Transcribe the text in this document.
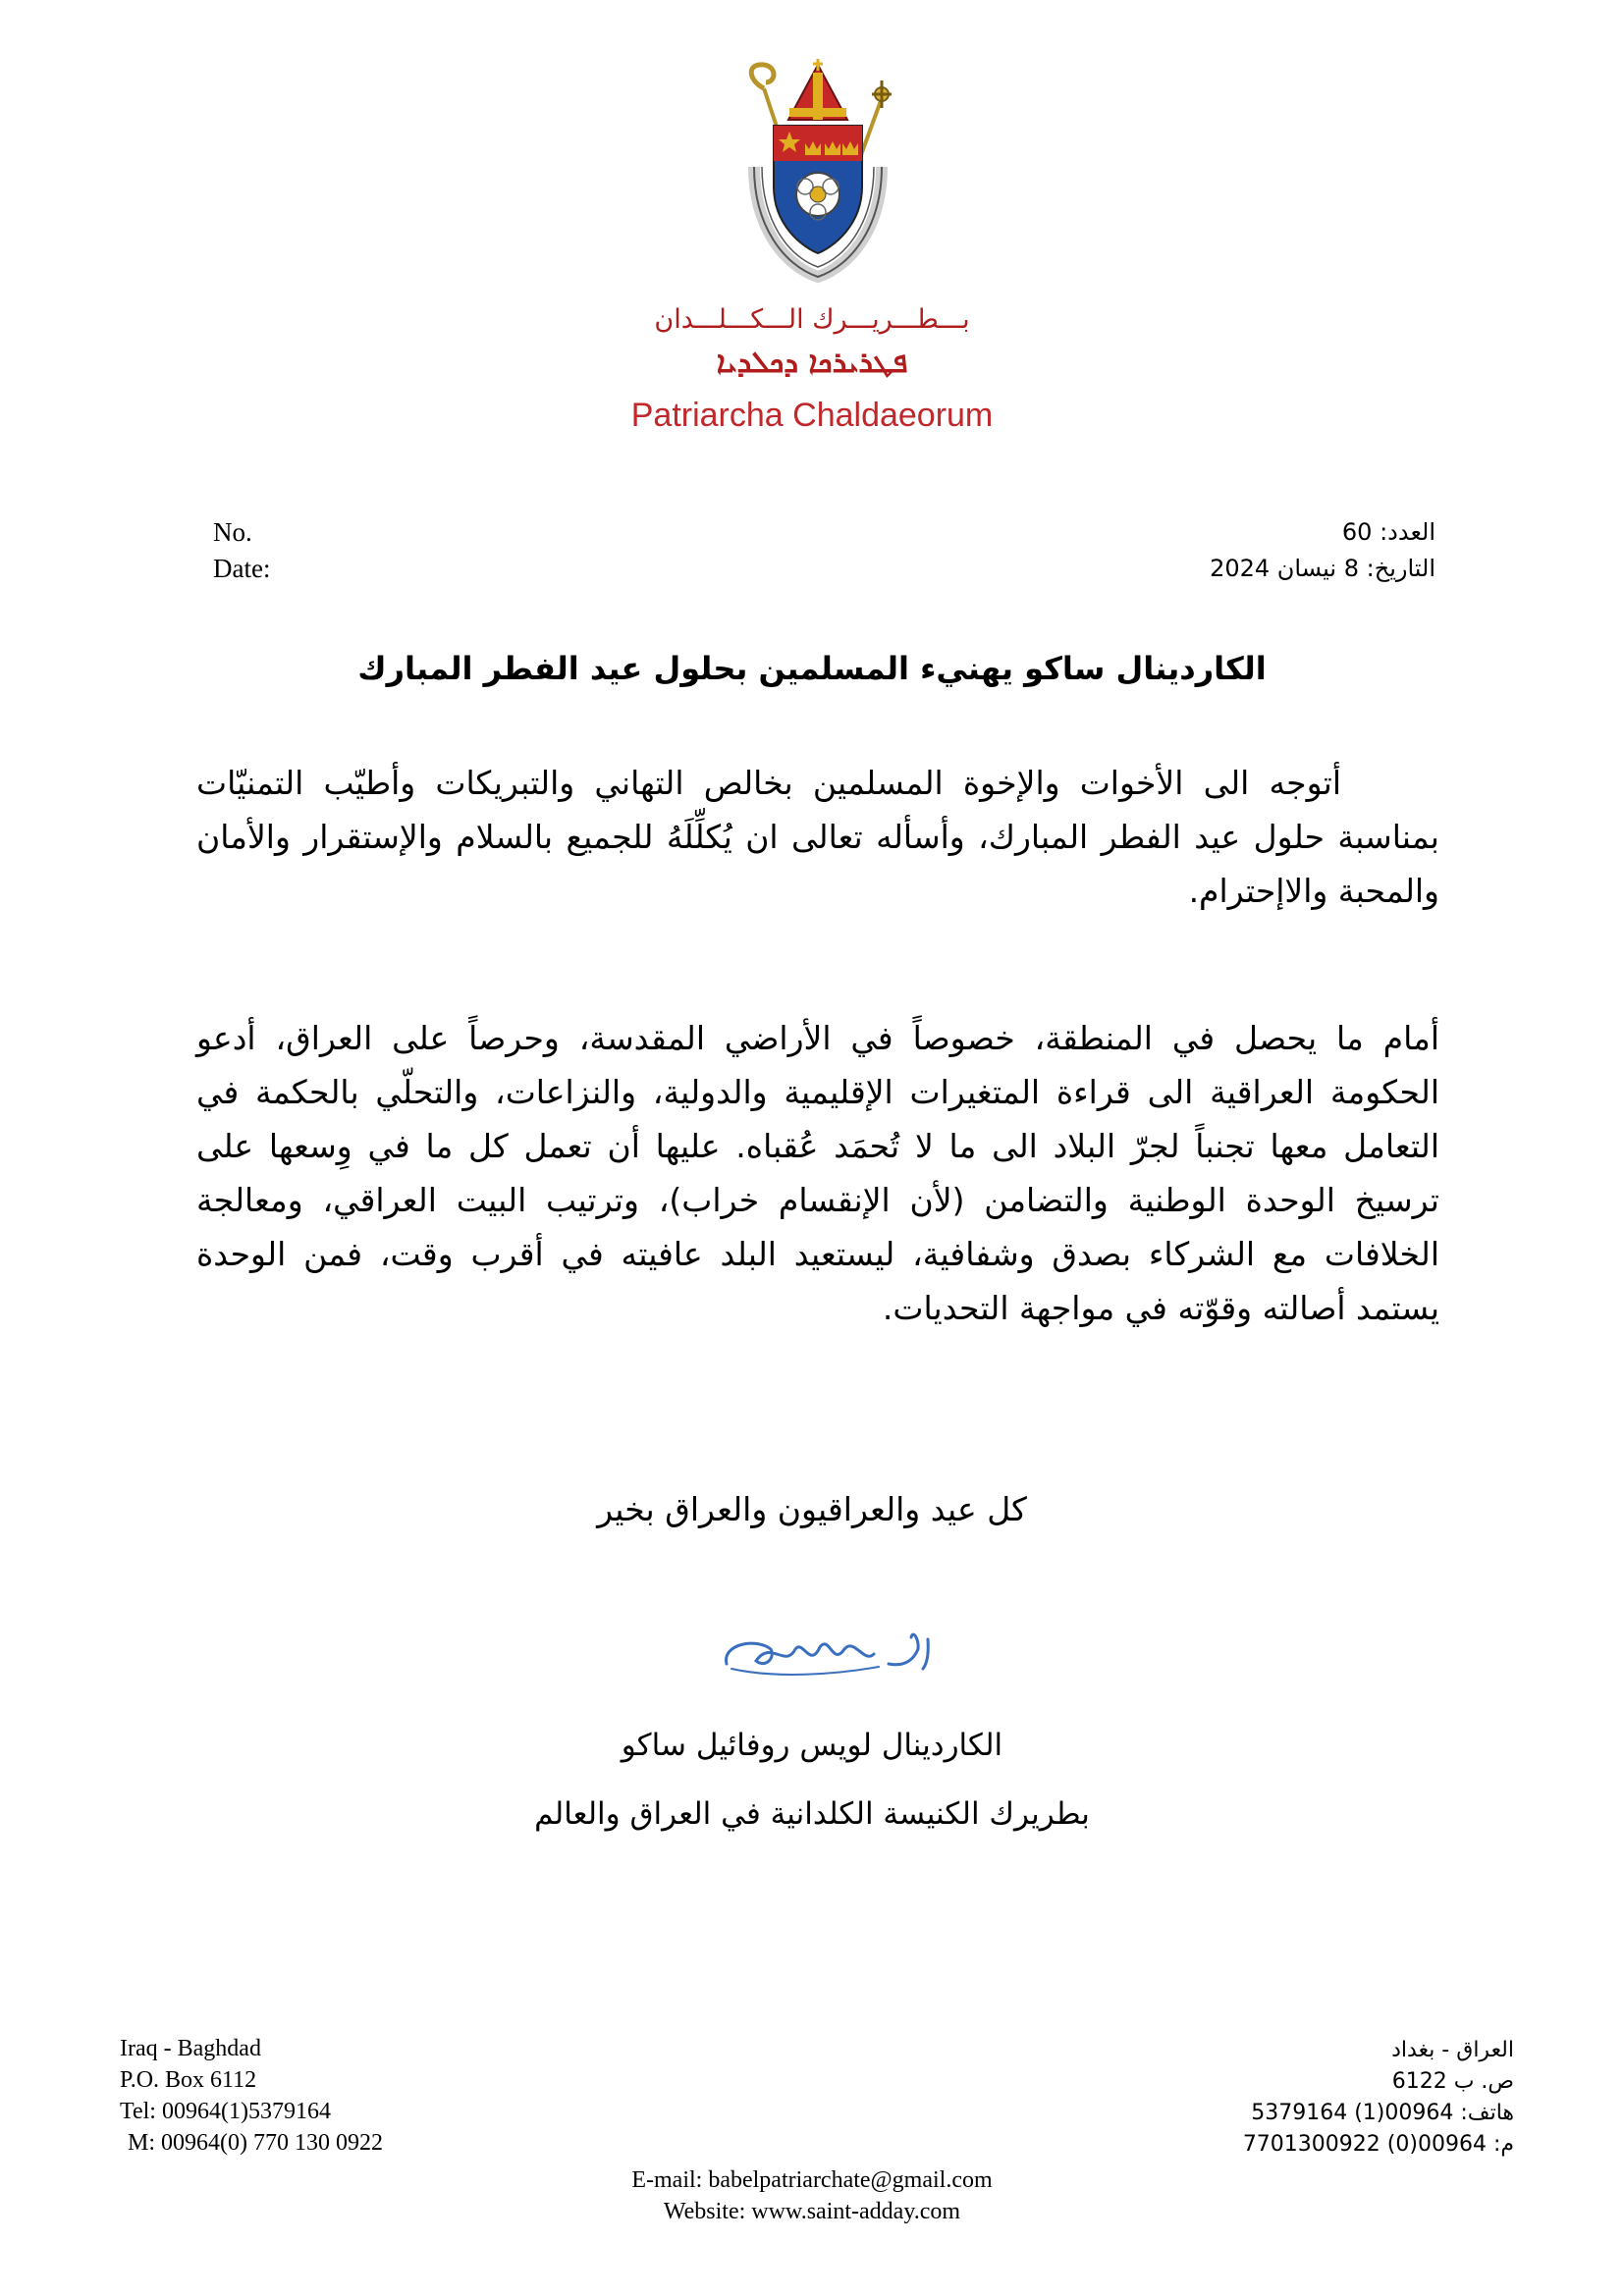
بـــطـــريـــرك الـــكـــلـــدان
ܦܛܪܝܪܟܐ ܕܟܠܕܝܐ
Patriarcha Chaldaeorum
No.
Date:
العدد: 60
التاريخ: 8 نيسان 2024
الكاردينال ساكو يهنيء المسلمين بحلول عيد الفطر المبارك
أتوجه الى الأخوات والإخوة المسلمين بخالص التهاني والتبريكات وأطيّب التمنيّات بمناسبة حلول عيد الفطر المبارك، وأسأله تعالى ان يُكلِّلَهُ للجميع بالسلام والإستقرار والأمان والمحبة والاإحترام.
أمام ما يحصل في المنطقة، خصوصاً في الأراضي المقدسة، وحرصاً على العراق، أدعو الحكومة العراقية الى قراءة المتغيرات الإقليمية والدولية، والنزاعات، والتحلّي بالحكمة في التعامل معها تجنباً لجرّ البلاد الى ما لا تُحمَد عُقباه. عليها أن تعمل كل ما في وِسعها على ترسيخ الوحدة الوطنية والتضامن (لأن الإنقسام خراب)، وترتيب البيت العراقي، ومعالجة الخلافات مع الشركاء بصدق وشفافية، ليستعيد البلد عافيته في أقرب وقت، فمن الوحدة يستمد أصالته وقوّته في مواجهة التحديات.
كل عيد والعراقيون والعراق بخير
الكاردينال لويس روفائيل ساكو
بطريرك الكنيسة الكلدانية في العراق والعالم
Iraq - Baghdad
P.O. Box 6112
Tel: 00964(1)5379164
M: 00964(0) 770 130 0922
العراق - بغداد
ص. ب 6122
هاتف: 00964(1) 5379164
م: 00964(0) 7701300922
E-mail: babelpatriarchate@gmail.com
Website: www.saint-adday.com
